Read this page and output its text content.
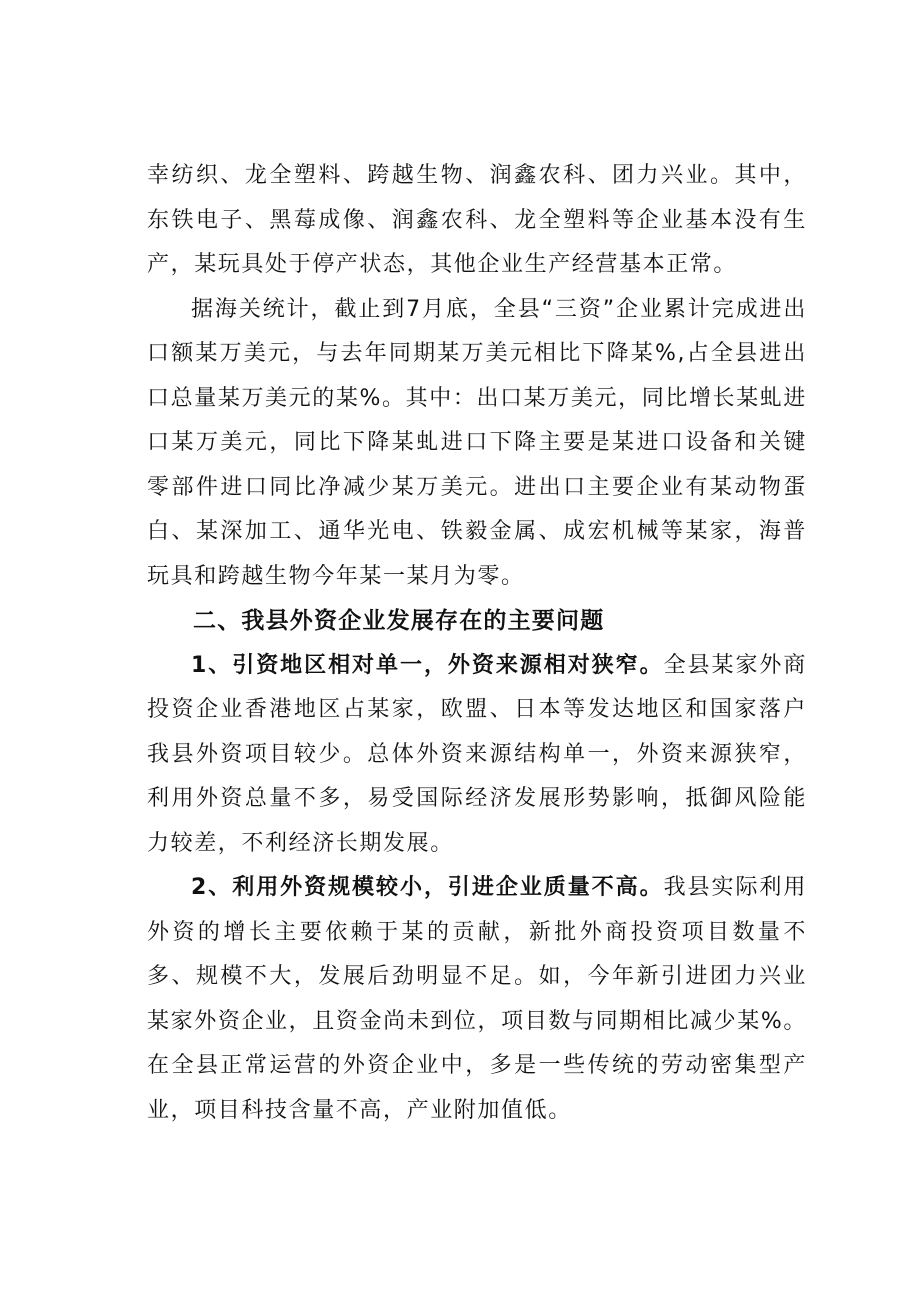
幸纺织、龙全塑料、跨越生物、润鑫农科、团力兴业。其中，东铁电子、黑莓成像、润鑫农科、龙全塑料等企业基本没有生产，某玩具处于停产状态，其他企业生产经营基本正常。

据海关统计，截止到7月底，全县“三资”企业累计完成进出口额某万美元，与去年同期某万美元相比下降某%,占全县进出口总量某万美元的某%。其中：出口某万美元，同比增长某虬进口某万美元，同比下降某虬进口下降主要是某进口设备和关键零部件进口同比净减少某万美元。进出口主要企业有某动物蛋白、某深加工、通华光电、铁毅金属、成宏机械等某家，海普玩具和跨越生物今年某一某月为零。

二、我县外资企业发展存在的主要问题

1、引资地区相对单一，外资来源相对狭窄。全县某家外商投资企业香港地区占某家，欧盟、日本等发达地区和国家落户我县外资项目较少。总体外资来源结构单一，外资来源狭窄，利用外资总量不多，易受国际经济发展形势影响，抵御风险能力较差，不利经济长期发展。

2、利用外资规模较小，引进企业质量不高。我县实际利用外资的增长主要依赖于某的贡献，新批外商投资项目数量不多、规模不大，发展后劲明显不足。如，今年新引进团力兴业某家外资企业，且资金尚未到位，项目数与同期相比减少某%。在全县正常运营的外资企业中，多是一些传统的劳动密集型产业，项目科技含量不高，产业附加值低。
